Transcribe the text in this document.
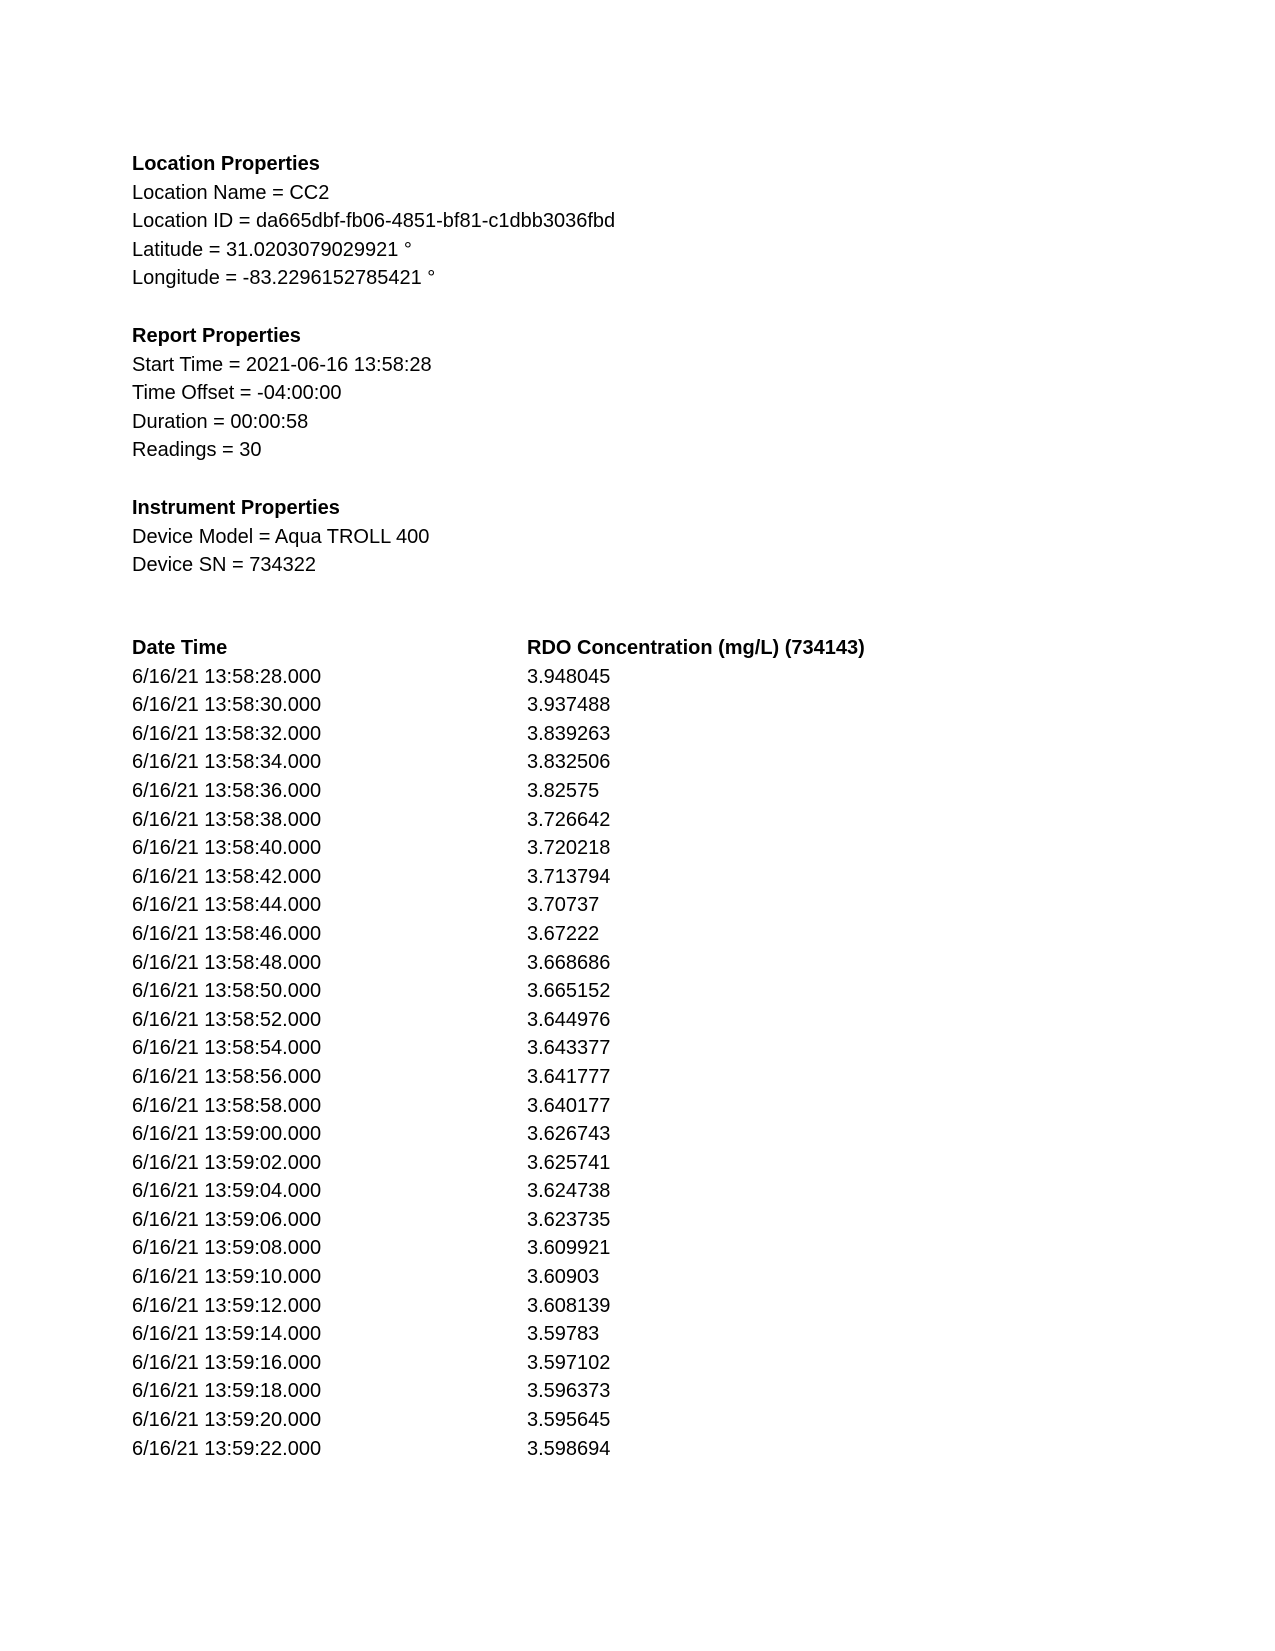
Location Properties
Location Name = CC2
Location ID = da665dbf-fb06-4851-bf81-c1dbb3036fbd
Latitude = 31.0203079029921 °
Longitude = -83.2296152785421 °
Report Properties
Start Time = 2021-06-16 13:58:28
Time Offset = -04:00:00
Duration = 00:00:58
Readings = 30
Instrument Properties
Device Model = Aqua TROLL 400
Device SN = 734322
Date Time	RDO Concentration (mg/L) (734143)
6/16/21 13:58:28.000	3.948045
6/16/21 13:58:30.000	3.937488
6/16/21 13:58:32.000	3.839263
6/16/21 13:58:34.000	3.832506
6/16/21 13:58:36.000	3.82575
6/16/21 13:58:38.000	3.726642
6/16/21 13:58:40.000	3.720218
6/16/21 13:58:42.000	3.713794
6/16/21 13:58:44.000	3.70737
6/16/21 13:58:46.000	3.67222
6/16/21 13:58:48.000	3.668686
6/16/21 13:58:50.000	3.665152
6/16/21 13:58:52.000	3.644976
6/16/21 13:58:54.000	3.643377
6/16/21 13:58:56.000	3.641777
6/16/21 13:58:58.000	3.640177
6/16/21 13:59:00.000	3.626743
6/16/21 13:59:02.000	3.625741
6/16/21 13:59:04.000	3.624738
6/16/21 13:59:06.000	3.623735
6/16/21 13:59:08.000	3.609921
6/16/21 13:59:10.000	3.60903
6/16/21 13:59:12.000	3.608139
6/16/21 13:59:14.000	3.59783
6/16/21 13:59:16.000	3.597102
6/16/21 13:59:18.000	3.596373
6/16/21 13:59:20.000	3.595645
6/16/21 13:59:22.000	3.598694
